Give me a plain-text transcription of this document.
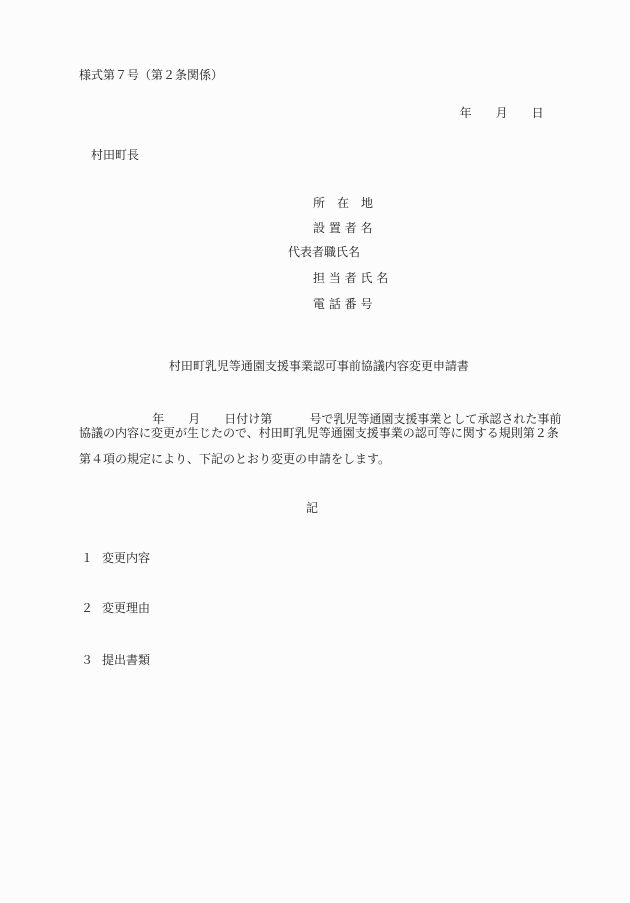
様式第７号（第２条関係）

年 月 日

村田町長
所　在　地
設 置 者 名
代表者職氏名
担 当 者 氏 名
電 話 番 号

村田町乳児等通園支援事業認可事前協議内容変更申請書

年 月 日付け第	号で乳児等通園支援事業として承認された事前

協議の内容に変更が生じたので、村田町乳児等通園支援事業の認可等に関する規則第２条
第４項の規定により、下記のとおり変更の申請をします。
記
１ 変更内容
２ 変更理由
３ 提出書類
